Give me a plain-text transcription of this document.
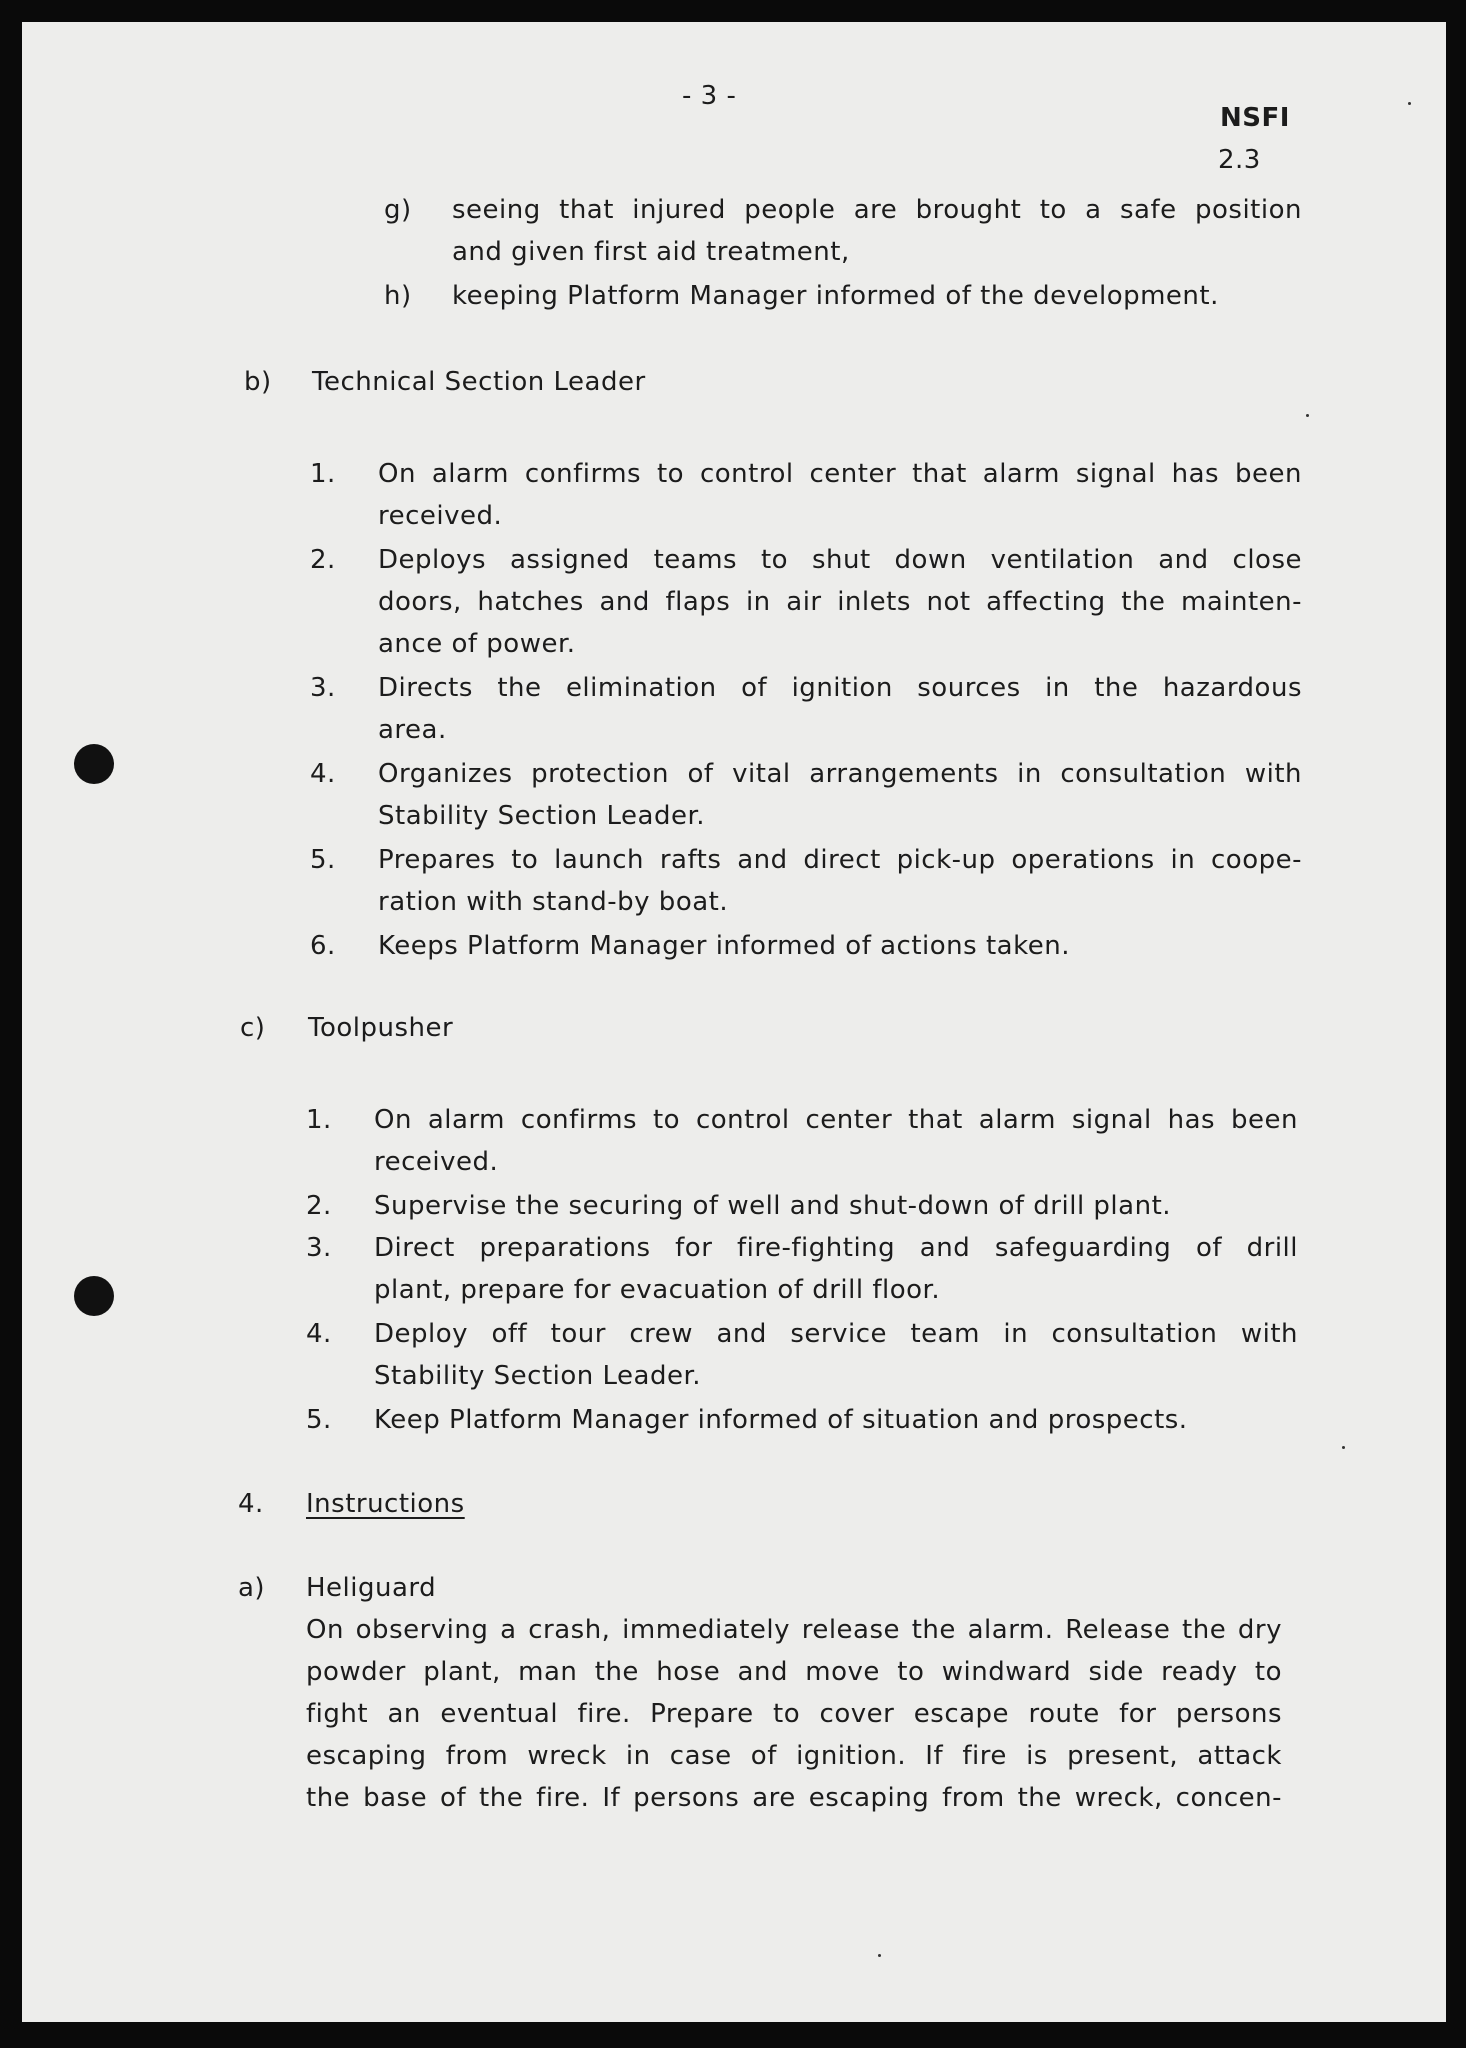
- 3 -
NSFI
2.3
g) seeing that injured people are brought to a safe position
and given first aid treatment,
h) keeping Platform Manager informed of the development.
b) Technical Section Leader
1. On alarm confirms to control center that alarm signal has been
received.
2. Deploys assigned teams to shut down ventilation and close
doors, hatches and flaps in air inlets not affecting the mainten-
ance of power.
3. Directs the elimination of ignition sources in the hazardous
area.
4. Organizes protection of vital arrangements in consultation with
Stability Section Leader.
5. Prepares to launch rafts and direct pick-up operations in coope-
ration with stand-by boat.
6. Keeps Platform Manager informed of actions taken.
c) Toolpusher
1. On alarm confirms to control center that alarm signal has been
received.
2. Supervise the securing of well and shut-down of drill plant.
3. Direct preparations for fire-fighting and safeguarding of drill
plant, prepare for evacuation of drill floor.
4. Deploy off tour crew and service team in consultation with
Stability Section Leader.
5. Keep Platform Manager informed of situation and prospects.
4. Instructions
a) Heliguard
On observing a crash, immediately release the alarm. Release the dry
powder plant, man the hose and move to windward side ready to
fight an eventual fire. Prepare to cover escape route for persons
escaping from wreck in case of ignition. If fire is present, attack
the base of the fire. If persons are escaping from the wreck, concen-
